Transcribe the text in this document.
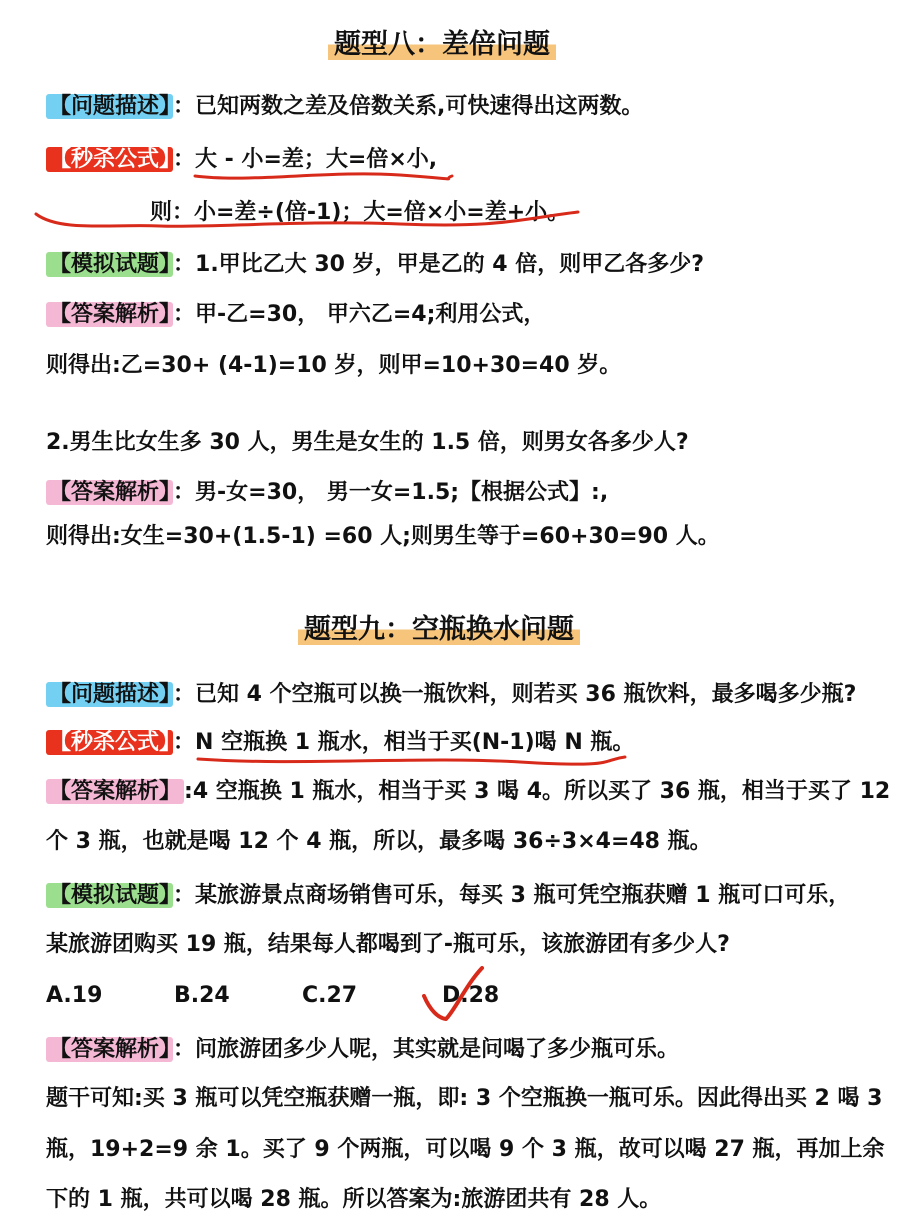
题型八：差倍问题
【问题描述】 ：已知两数之差及倍数关系,可快速得出这两数。
【秒杀公式】 ：大 - 小=差；大=倍×小,
则：小=差÷(倍-1)；大=倍×小=差+小。
【模拟试题】 ：1.甲比乙大 30 岁，甲是乙的 4 倍，则甲乙各多少?
【答案解析】 ：甲-乙=30， 甲六乙=4;利用公式，
则得出:乙=30+ (4-1)=10 岁，则甲=10+30=40 岁。
2.男生比女生多 30 人，男生是女生的 1.5 倍，则男女各多少人?
【答案解析】 ：男-女=30， 男一女=1.5;【根据公式】:,
则得出:女生=30+(1.5-1) =60 人;则男生等于=60+30=90 人。
题型九：空瓶换水问题
【问题描述】 ：已知 4 个空瓶可以换一瓶饮料，则若买 36 瓶饮料，最多喝多少瓶?
【秒杀公式】 ：N 空瓶换 1 瓶水，相当于买(N-1)喝 N 瓶。
【答案解析】 :4 空瓶换 1 瓶水，相当于买 3 喝 4。所以买了 36 瓶，相当于买了 12
个 3 瓶，也就是喝 12 个 4 瓶，所以，最多喝 36÷3×4=48 瓶。
【模拟试题】 ：某旅游景点商场销售可乐，每买 3 瓶可凭空瓶获赠 1 瓶可口可乐，
某旅游团购买 19 瓶，结果每人都喝到了-瓶可乐，该旅游团有多少人?
A.19	B.24	C.27	D.28
【答案解析】 ：问旅游团多少人呢，其实就是问喝了多少瓶可乐。
题干可知:买 3 瓶可以凭空瓶获赠一瓶，即: 3 个空瓶换一瓶可乐。因此得出买 2 喝 3
瓶，19+2=9 余 1。买了 9 个两瓶，可以喝 9 个 3 瓶，故可以喝 27 瓶，再加上余
下的 1 瓶，共可以喝 28 瓶。所以答案为:旅游团共有 28 人。
